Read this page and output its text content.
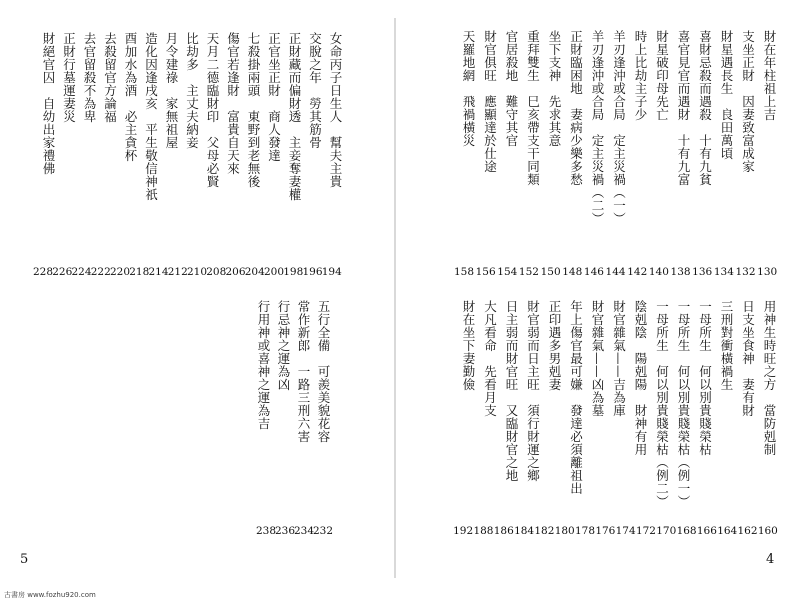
財在年柱祖上吉
支坐正財　因妻致富成家
財星遇長生　良田萬頃
喜財忌殺而遇殺　十有九貧
喜官見官而遇財　十有九富
財星破印母先亡
時上比劫主子少
羊刃逢沖或合局　定主災禍（一）
羊刃逢沖或合局　定主災禍（二）
正財臨困地　妻病少樂多愁
坐下支神　先求其意
重拜雙生　巳亥帶支干同類
官居殺地　難守其官
財官俱旺　應顯達於仕途
天羅地網　飛禍橫災
130
132
134
136
138
140
142
144
146
148
150
152
154
156
158
用神生時旺之方　當防剋制
日支坐食神　妻有財
三刑對衝橫禍生
一母所生　何以別貴賤榮枯
一母所生　何以別貴賤榮枯（例一）
一母所生　何以別貴賤榮枯（例二）
陰剋陰　陽剋陽　財神有用
財官雜氣——吉為庫
財官雜氣——凶為墓
年上傷官最可嫌　發達必須離祖出
正印遇多男剋妻
財官弱而日主旺　須行財運之鄉
日主弱而財官旺　又臨財官之地
大凡看命　先看月支
財在坐下妻勤儉
160
162
164
166
168
170
172
174
176
178
180
182
184
186
188
192
女命丙子日生人　幫夫主貴
交脫之年　勞其筋骨
正財藏而偏財透　主妾奪妻權
正官坐正財　商人發達
七殺掛兩頭　東野到老無後
傷官若逢財　富貴自天來
天月二德臨財印　父母必賢
比劫多　主丈夫納妾
月令建祿　家無祖屋
造化因逢戌亥　平生敬信神祇
酉加水為酒　必主貪杯
去殺留官方論福
去官留殺不為卑
正財行墓運妻災
財絕官囚　自幼出家禮佛
194
196
198
200
204
206
208
210
212
214
218
220
222
224
226
228
五行全備　可羨美貌花容
常作新郎　一路三刑六害
行忌神之運為凶
行用神或喜神之運為吉
232
234
236
238
5	4
古書房 www.fozhu920.com
